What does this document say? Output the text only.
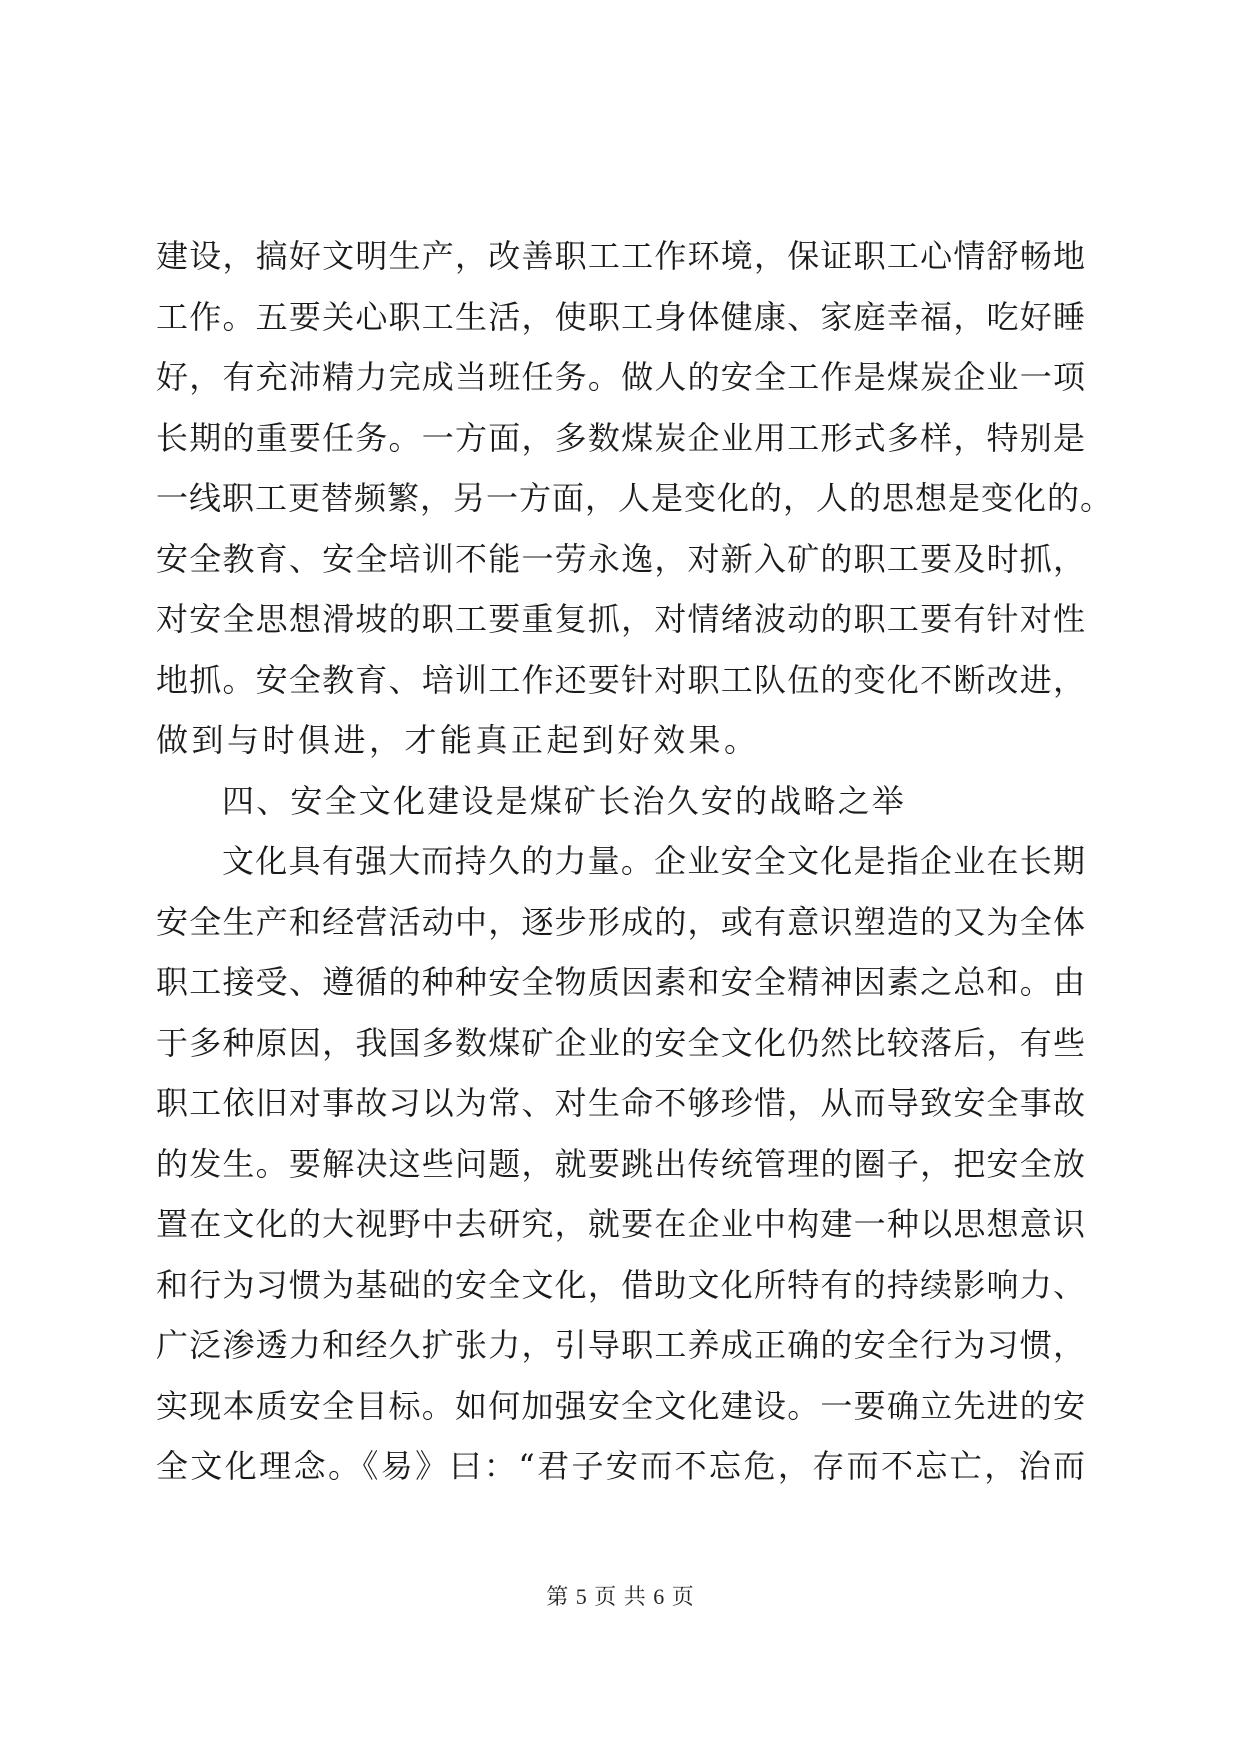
建设，搞好文明生产，改善职工工作环境，保证职工心情舒畅地
工作。五要关心职工生活，使职工身体健康、家庭幸福，吃好睡
好，有充沛精力完成当班任务。做人的安全工作是煤炭企业一项
长期的重要任务。一方面，多数煤炭企业用工形式多样，特别是
一线职工更替频繁，另一方面，人是变化的，人的思想是变化的。
安全教育、安全培训不能一劳永逸，对新入矿的职工要及时抓，
对安全思想滑坡的职工要重复抓，对情绪波动的职工要有针对性
地抓。安全教育、培训工作还要针对职工队伍的变化不断改进，
做到与时俱进，才能真正起到好效果。
四、安全文化建设是煤矿长治久安的战略之举
文化具有强大而持久的力量。企业安全文化是指企业在长期
安全生产和经营活动中，逐步形成的，或有意识塑造的又为全体
职工接受、遵循的种种安全物质因素和安全精神因素之总和。由
于多种原因，我国多数煤矿企业的安全文化仍然比较落后，有些
职工依旧对事故习以为常、对生命不够珍惜，从而导致安全事故
的发生。要解决这些问题，就要跳出传统管理的圈子，把安全放
置在文化的大视野中去研究，就要在企业中构建一种以思想意识
和行为习惯为基础的安全文化，借助文化所特有的持续影响力、
广泛渗透力和经久扩张力，引导职工养成正确的安全行为习惯，
实现本质安全目标。如何加强安全文化建设。一要确立先进的安
全文化理念。《易》曰：“君子安而不忘危，存而不忘亡，治而
第 5 页 共 6 页
